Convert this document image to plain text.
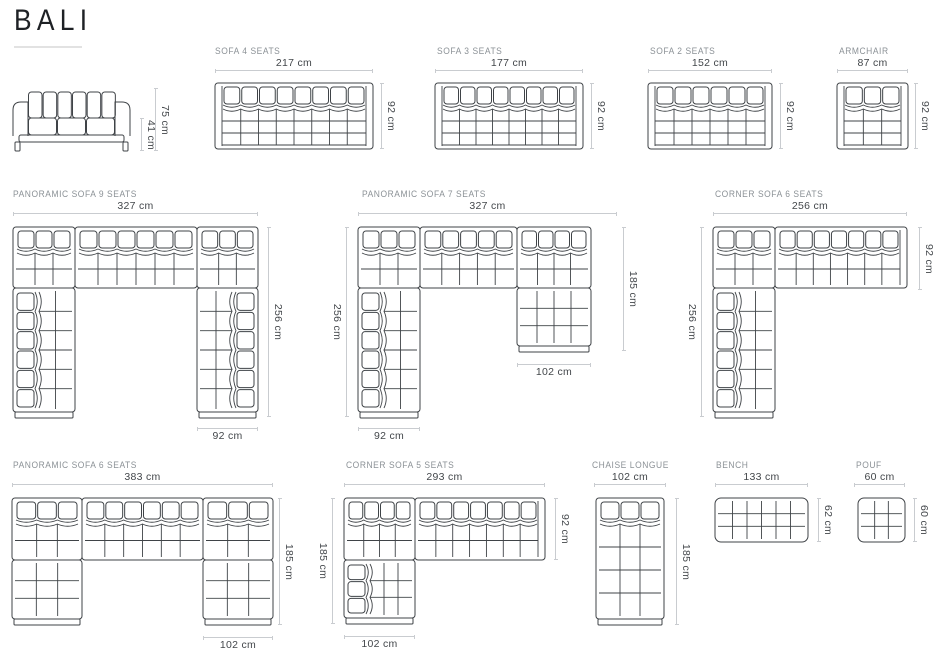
BALI
75 cm
41 cm
SOFA 4 SEATS
217 cm
92 cm
SOFA 3 SEATS
177 cm
92 cm
SOFA 2 SEATS
152 cm
92 cm
ARMCHAIR
87 cm
92 cm
PANORAMIC SOFA 9 SEATS
327 cm
256 cm
92 cm
PANORAMIC SOFA 7 SEATS
327 cm
256 cm
185 cm
102 cm
92 cm
CORNER SOFA 6 SEATS
256 cm
92 cm
256 cm
PANORAMIC SOFA 6 SEATS
383 cm
185 cm
102 cm
CORNER SOFA 5 SEATS
293 cm
92 cm
185 cm
102 cm
CHAISE LONGUE
102 cm
185 cm
BENCH
133 cm
62 cm
POUF
60 cm
60 cm
